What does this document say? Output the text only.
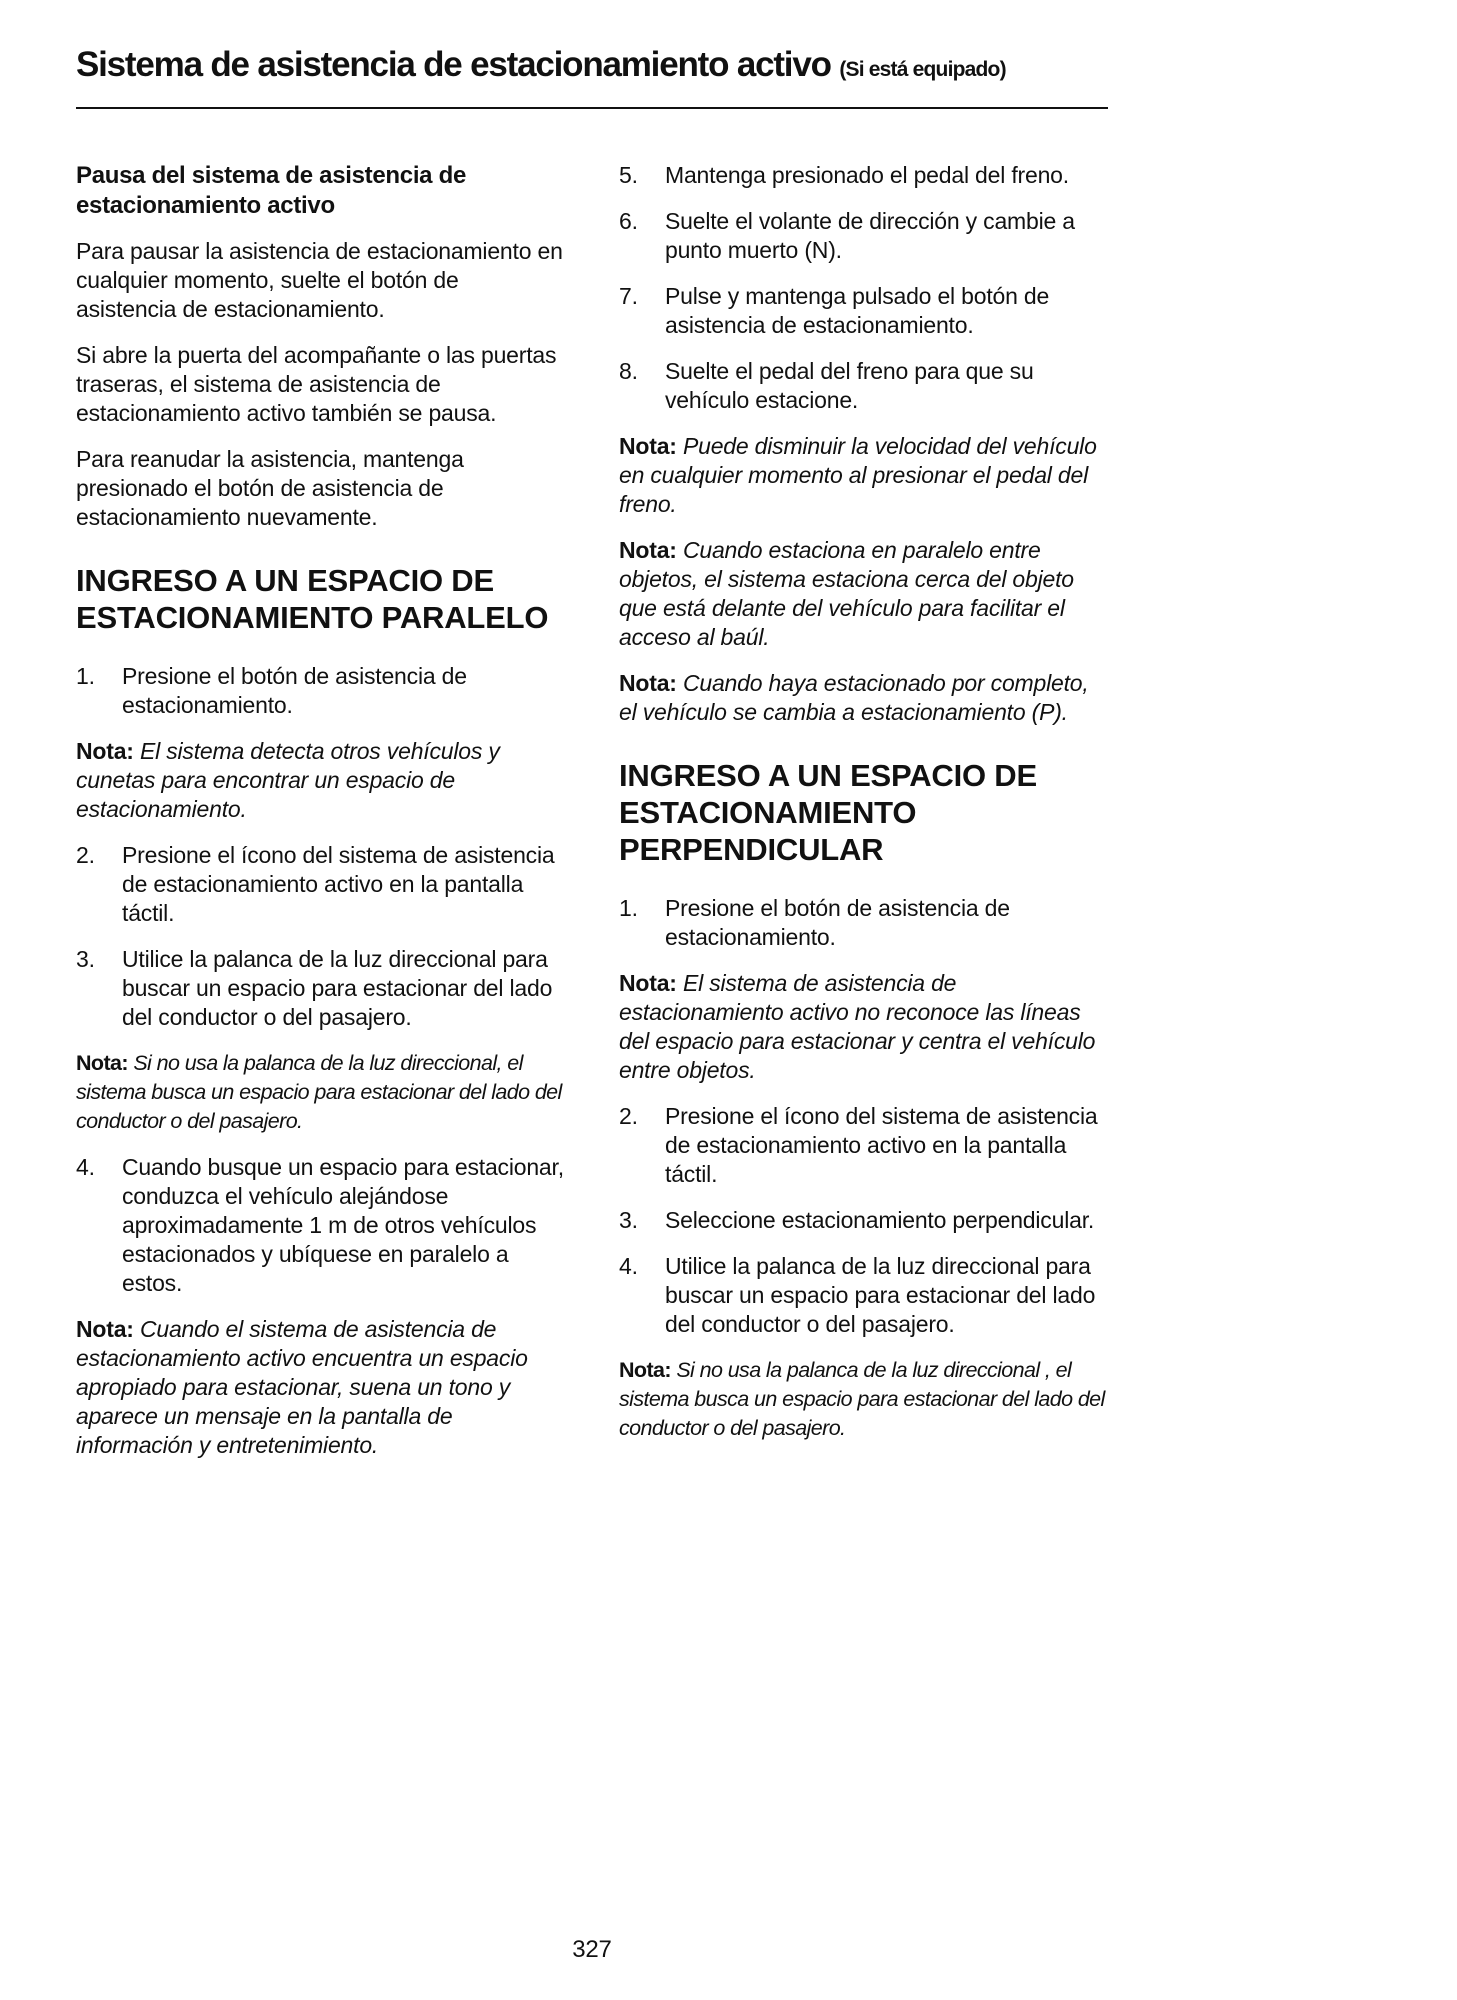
Sistema de asistencia de estacionamiento activo (Si está equipado)

Pausa del sistema de asistencia de estacionamiento activo

Para pausar la asistencia de estacionamiento en cualquier momento, suelte el botón de asistencia de estacionamiento.

Si abre la puerta del acompañante o las puertas traseras, el sistema de asistencia de estacionamiento activo también se pausa.

Para reanudar la asistencia, mantenga presionado el botón de asistencia de estacionamiento nuevamente.

INGRESO A UN ESPACIO DE ESTACIONAMIENTO PARALELO

1.	Presione el botón de asistencia de estacionamiento.

Nota: El sistema detecta otros vehículos y cunetas para encontrar un espacio de estacionamiento.

2.	Presione el ícono del sistema de asistencia de estacionamiento activo en la pantalla táctil.
3.	Utilice la palanca de la luz direccional para buscar un espacio para estacionar del lado del conductor o del pasajero.

Nota: Si no usa la palanca de la luz direccional, el sistema busca un espacio para estacionar del lado del conductor o del pasajero.

4.	Cuando busque un espacio para estacionar, conduzca el vehículo alejándose aproximadamente 1 m de otros vehículos estacionados y ubíquese en paralelo a estos.

Nota: Cuando el sistema de asistencia de estacionamiento activo encuentra un espacio apropiado para estacionar, suena un tono y aparece un mensaje en la pantalla de información y entretenimiento.

5.	Mantenga presionado el pedal del freno.
6.	Suelte el volante de dirección y cambie a punto muerto (N).
7.	Pulse y mantenga pulsado el botón de asistencia de estacionamiento.
8.	Suelte el pedal del freno para que su vehículo estacione.

Nota: Puede disminuir la velocidad del vehículo en cualquier momento al presionar el pedal del freno.

Nota: Cuando estaciona en paralelo entre objetos, el sistema estaciona cerca del objeto que está delante del vehículo para facilitar el acceso al baúl.

Nota: Cuando haya estacionado por completo, el vehículo se cambia a estacionamiento (P).

INGRESO A UN ESPACIO DE ESTACIONAMIENTO PERPENDICULAR

1.	Presione el botón de asistencia de estacionamiento.

Nota: El sistema de asistencia de estacionamiento activo no reconoce las líneas del espacio para estacionar y centra el vehículo entre objetos.

2.	Presione el ícono del sistema de asistencia de estacionamiento activo en la pantalla táctil.
3.	Seleccione estacionamiento perpendicular.
4.	Utilice la palanca de la luz direccional para buscar un espacio para estacionar del lado del conductor o del pasajero.

Nota: Si no usa la palanca de la luz direccional , el sistema busca un espacio para estacionar del lado del conductor o del pasajero.

327
